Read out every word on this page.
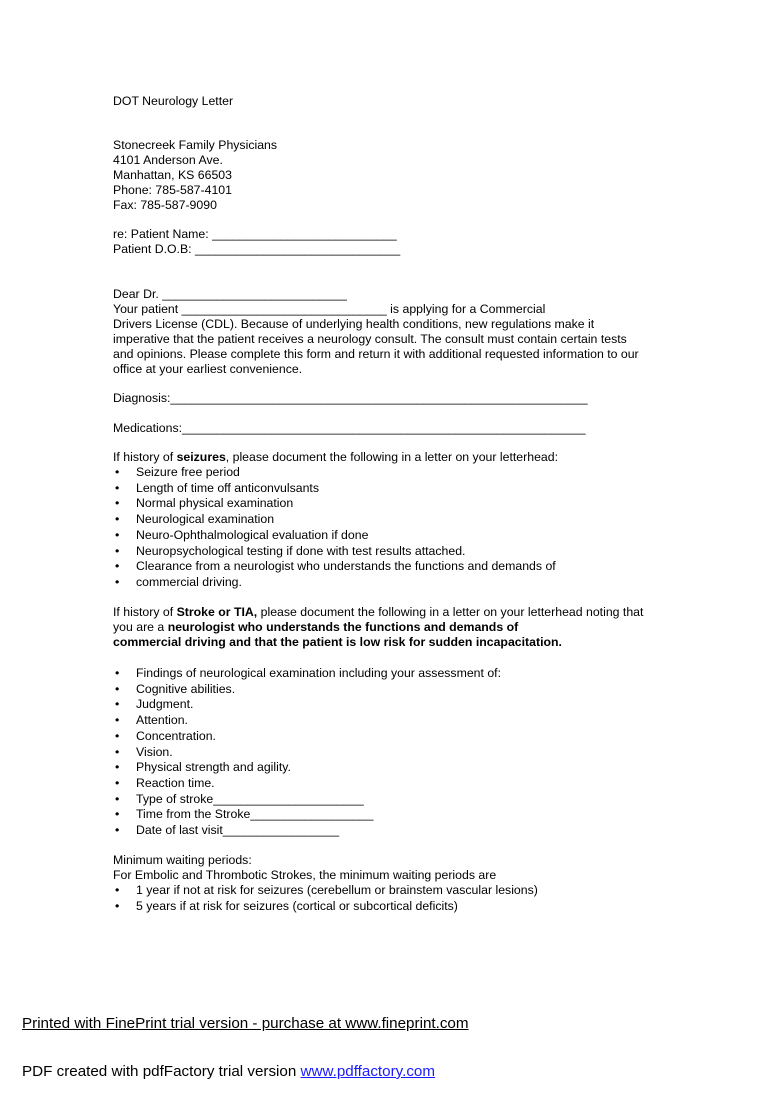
DOT Neurology Letter
Stonecreek Family Physicians
4101 Anderson Ave.
Manhattan, KS 66503
Phone: 785-587-4101
Fax: 785-587-9090
re: Patient Name: ___________________________
Patient D.O.B: ______________________________
Dear Dr. ___________________________
Your patient ______________________________ is applying for a Commercial
Drivers License (CDL). Because of underlying health conditions, new regulations make it
imperative that the patient receives a neurology consult. The consult must contain certain tests
and opinions. Please complete this form and return it with additional requested information to our
office at your earliest convenience.
Diagnosis:_____________________________________________________________
Medications:___________________________________________________________
If history of seizures, please document the following in a letter on your letterhead:
• Seizure free period
• Length of time off anticonvulsants
• Normal physical examination
• Neurological examination
• Neuro-Ophthalmological evaluation if done
• Neuropsychological testing if done with test results attached.
• Clearance from a neurologist who understands the functions and demands of
• commercial driving.
If history of Stroke or TIA, please document the following in a letter on your letterhead noting that
you are a neurologist who understands the functions and demands of
commercial driving and that the patient is low risk for sudden incapacitation.
• Findings of neurological examination including your assessment of:
• Cognitive abilities.
• Judgment.
• Attention.
• Concentration.
• Vision.
• Physical strength and agility.
• Reaction time.
• Type of stroke______________________
• Time from the Stroke__________________
• Date of last visit_________________
Minimum waiting periods:
For Embolic and Thrombotic Strokes, the minimum waiting periods are
• 1 year if not at risk for seizures (cerebellum or brainstem vascular lesions)
• 5 years if at risk for seizures (cortical or subcortical deficits)

Printed with FinePrint trial version - purchase at www.fineprint.com

PDF created with pdfFactory trial version www.pdffactory.com
